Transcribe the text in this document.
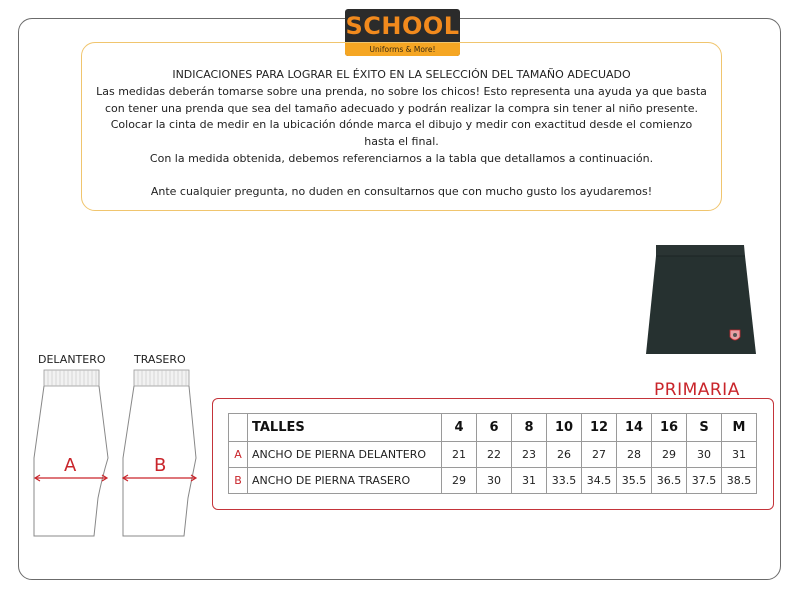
SCHOOL
Uniforms & More!

INDICACIONES PARA LOGRAR EL ÉXITO EN LA SELECCIÓN DEL TAMAÑO ADECUADO

Las medidas deberán tomarse sobre una prenda, no sobre los chicos! Esto representa una ayuda ya que basta

con tener una prenda que sea del tamaño adecuado y podrán realizar la compra sin tener al niño presente.

Colocar la cinta de medir en la ubicación dónde marca el dibujo y medir con exactitud desde el comienzo

hasta el final.

Con la medida obtenida, debemos referenciarnos a la tabla que detallamos a continuación.

Ante cualquier pregunta, no duden en consultarnos que con mucho gusto los ayudaremos!

PRIMARIA
DELANTERO	TRASERO
A	B
	TALLES	4	6	8	10	12	14	16	S	M
A	ANCHO DE PIERNA DELANTERO	21	22	23	26	27	28	29	30	31
B	ANCHO DE PIERNA TRASERO	29	30	31	33.5	34.5	35.5	36.5	37.5	38.5
